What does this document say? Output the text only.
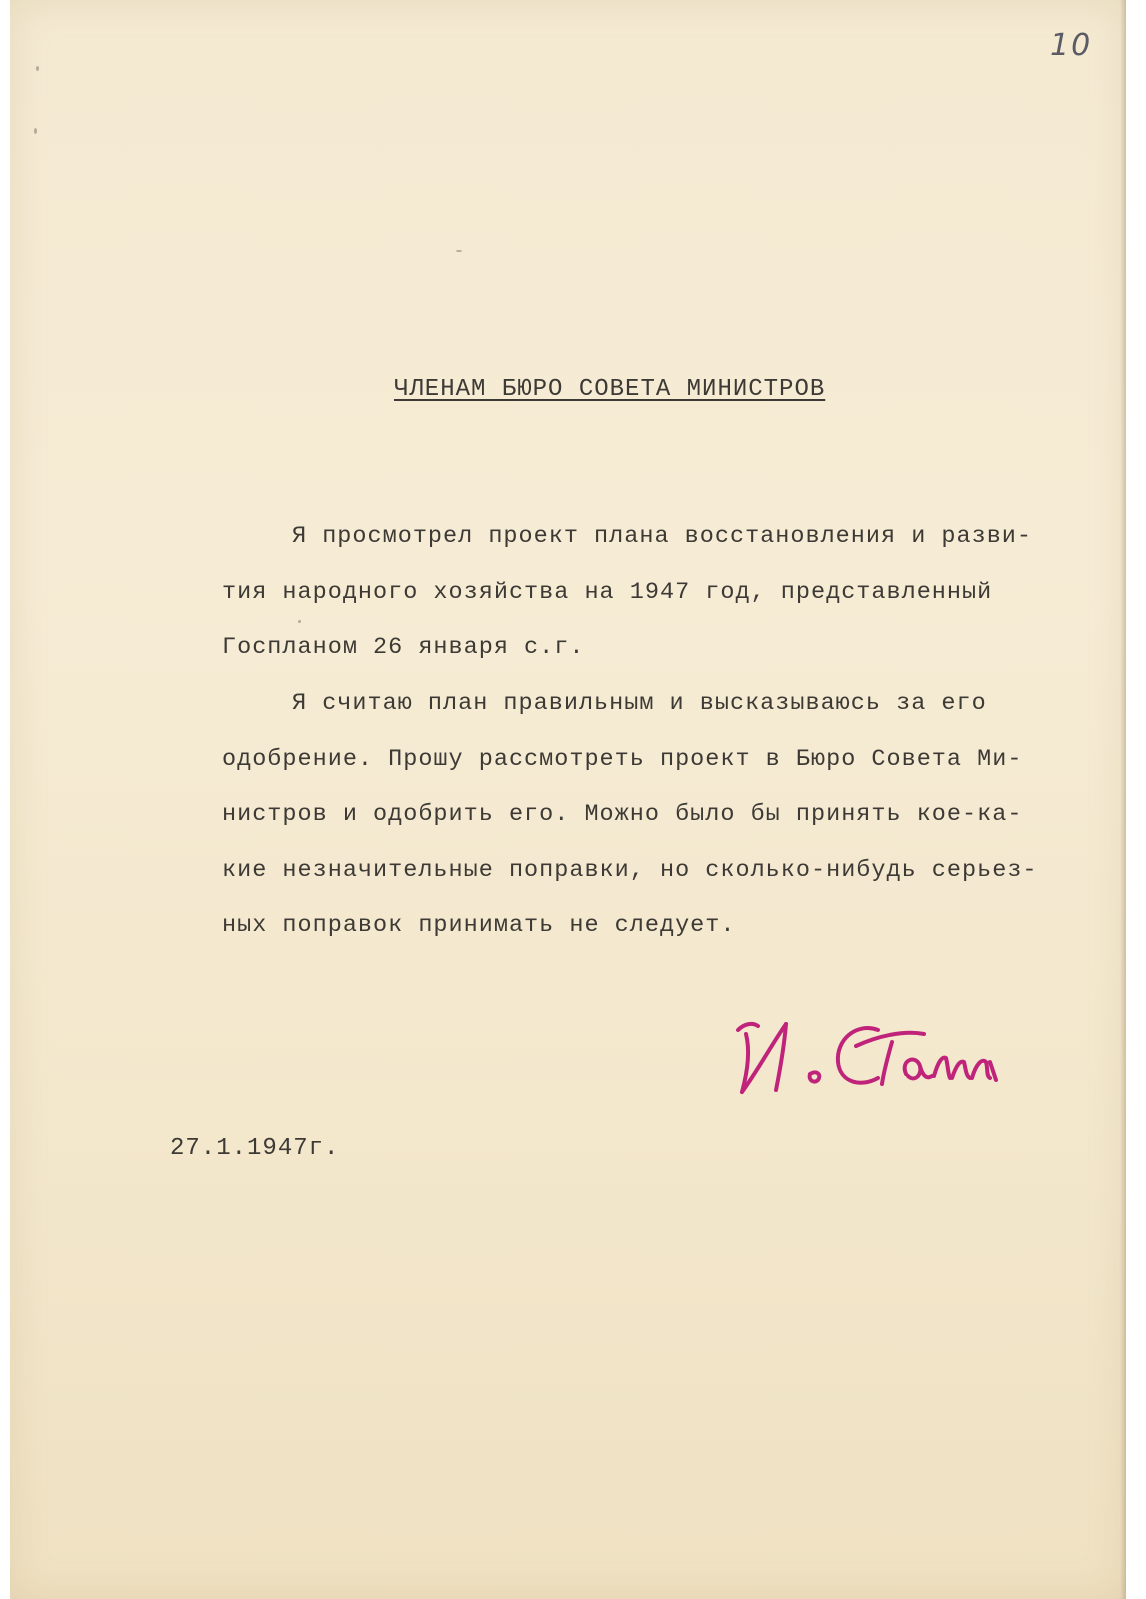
10
ЧЛЕНАМ БЮРО СОВЕТА МИНИСТРОВ
Я просмотрел проект плана восстановления и разви-
тия народного хозяйства на 1947 год, представленный
Госпланом 26 января с.г.
Я считаю план правильным и высказываюсь за его
одобрение. Прошу рассмотреть проект в Бюро Совета Ми-
нистров и одобрить его. Можно было бы принять кое-ка-
кие незначительные поправки, но сколько-нибудь серьез-
ных поправок принимать не следует.
27.1.1947г.
